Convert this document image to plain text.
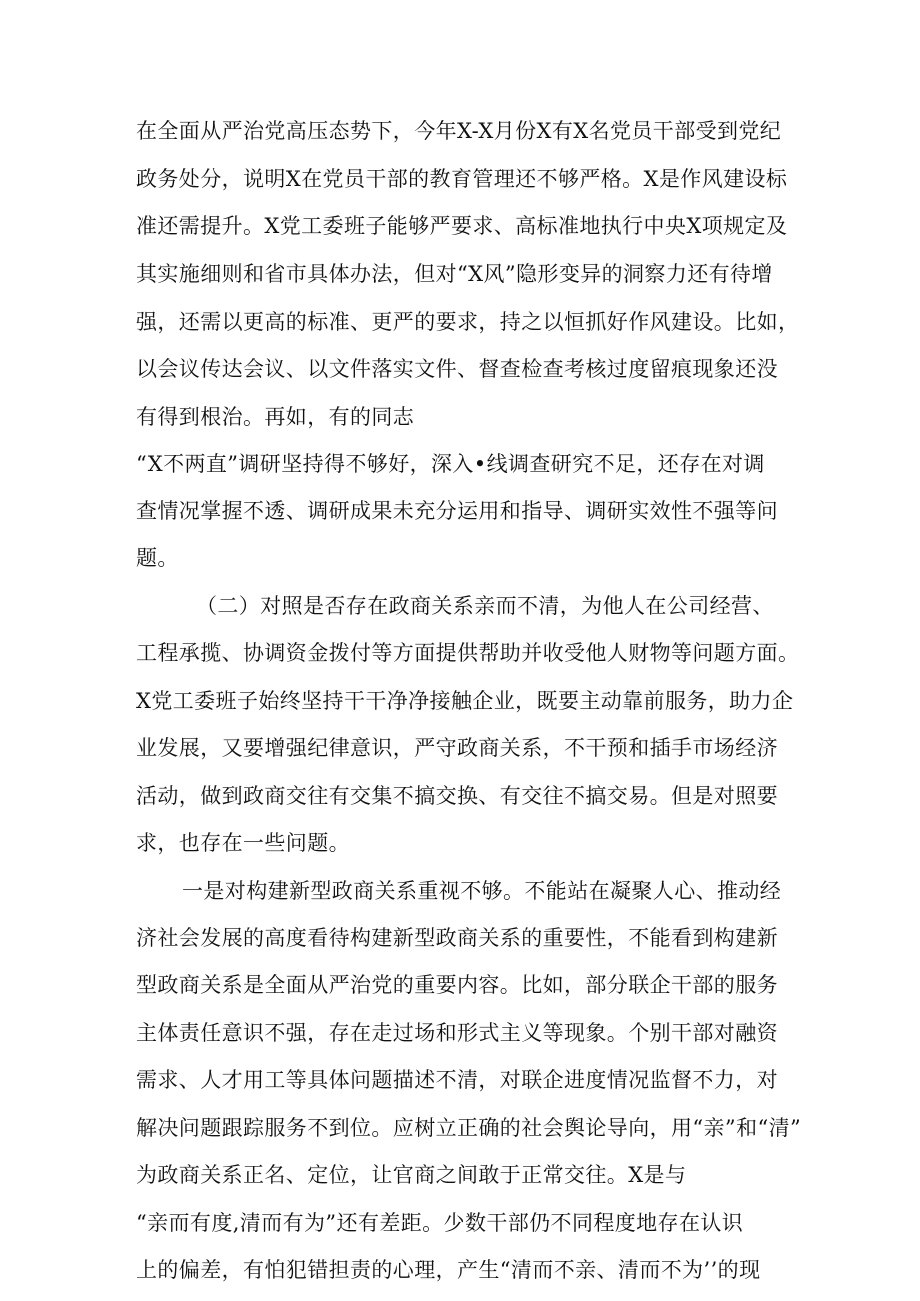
在全面从严治党高压态势下，今年X-X月份X有X名党员干部受到党纪
政务处分，说明X在党员干部的教育管理还不够严格。X是作风建设标
准还需提升。X党工委班子能够严要求、高标准地执行中央X项规定及
其实施细则和省市具体办法，但对“X风”隐形变异的洞察力还有待增
强，还需以更高的标准、更严的要求，持之以恒抓好作风建设。比如，
以会议传达会议、以文件落实文件、督查检查考核过度留痕现象还没
有得到根治。再如，有的同志
“X不两直”调研坚持得不够好，深入•线调查研究不足，还存在对调
查情况掌握不透、调研成果未充分运用和指导、调研实效性不强等问
题。
（二）对照是否存在政商关系亲而不清，为他人在公司经营、
工程承揽、协调资金拨付等方面提供帮助并收受他人财物等问题方面。
X党工委班子始终坚持干干净净接触企业，既要主动靠前服务，助力企
业发展，又要增强纪律意识，严守政商关系，不干预和插手市场经济
活动，做到政商交往有交集不搞交换、有交往不搞交易。但是对照要
求，也存在一些问题。
一是对构建新型政商关系重视不够。不能站在凝聚人心、推动经
济社会发展的高度看待构建新型政商关系的重要性，不能看到构建新
型政商关系是全面从严治党的重要内容。比如，部分联企干部的服务
主体责任意识不强，存在走过场和形式主义等现象。个别干部对融资
需求、人才用工等具体问题描述不清，对联企进度情况监督不力，对
解决问题跟踪服务不到位。应树立正确的社会舆论导向，用“亲”和“清”
为政商关系正名、定位，让官商之间敢于正常交往。X是与
“亲而有度,清而有为”还有差距。少数干部仍不同程度地存在认识
上的偏差，有怕犯错担责的心理，产生“清而不亲、清而不为’’的现
